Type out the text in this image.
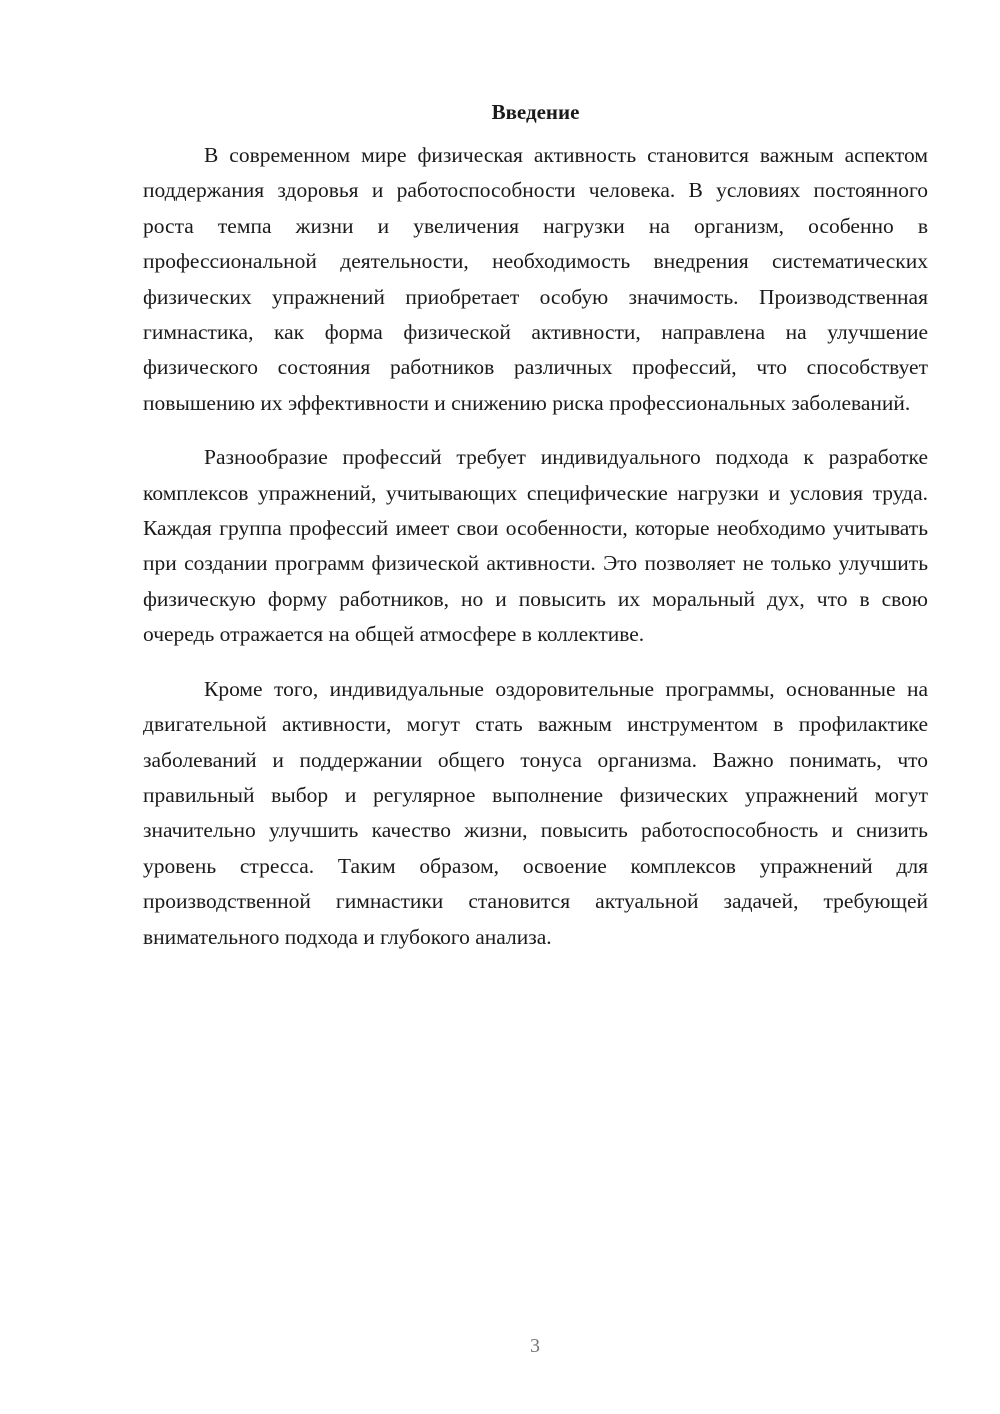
Введение

В современном мире физическая активность становится важным аспектом поддержания здоровья и работоспособности человека. В условиях постоянного роста темпа жизни и увеличения нагрузки на организм, особенно в профессиональной деятельности, необходимость внедрения систематических физических упражнений приобретает особую значимость. Производственная гимнастика, как форма физической активности, направлена на улучшение физического состояния работников различных профессий, что способствует повышению их эффективности и снижению риска профессиональных заболеваний.

Разнообразие профессий требует индивидуального подхода к разработке комплексов упражнений, учитывающих специфические нагрузки и условия труда. Каждая группа профессий имеет свои особенности, которые необходимо учитывать при создании программ физической активности. Это позволяет не только улучшить физическую форму работников, но и повысить их моральный дух, что в свою очередь отражается на общей атмосфере в коллективе.

Кроме того, индивидуальные оздоровительные программы, основанные на двигательной активности, могут стать важным инструментом в профилактике заболеваний и поддержании общего тонуса организма. Важно понимать, что правильный выбор и регулярное выполнение физических упражнений могут значительно улучшить качество жизни, повысить работоспособность и снизить уровень стресса. Таким образом, освоение комплексов упражнений для производственной гимнастики становится актуальной задачей, требующей внимательного подхода и глубокого анализа.

3
